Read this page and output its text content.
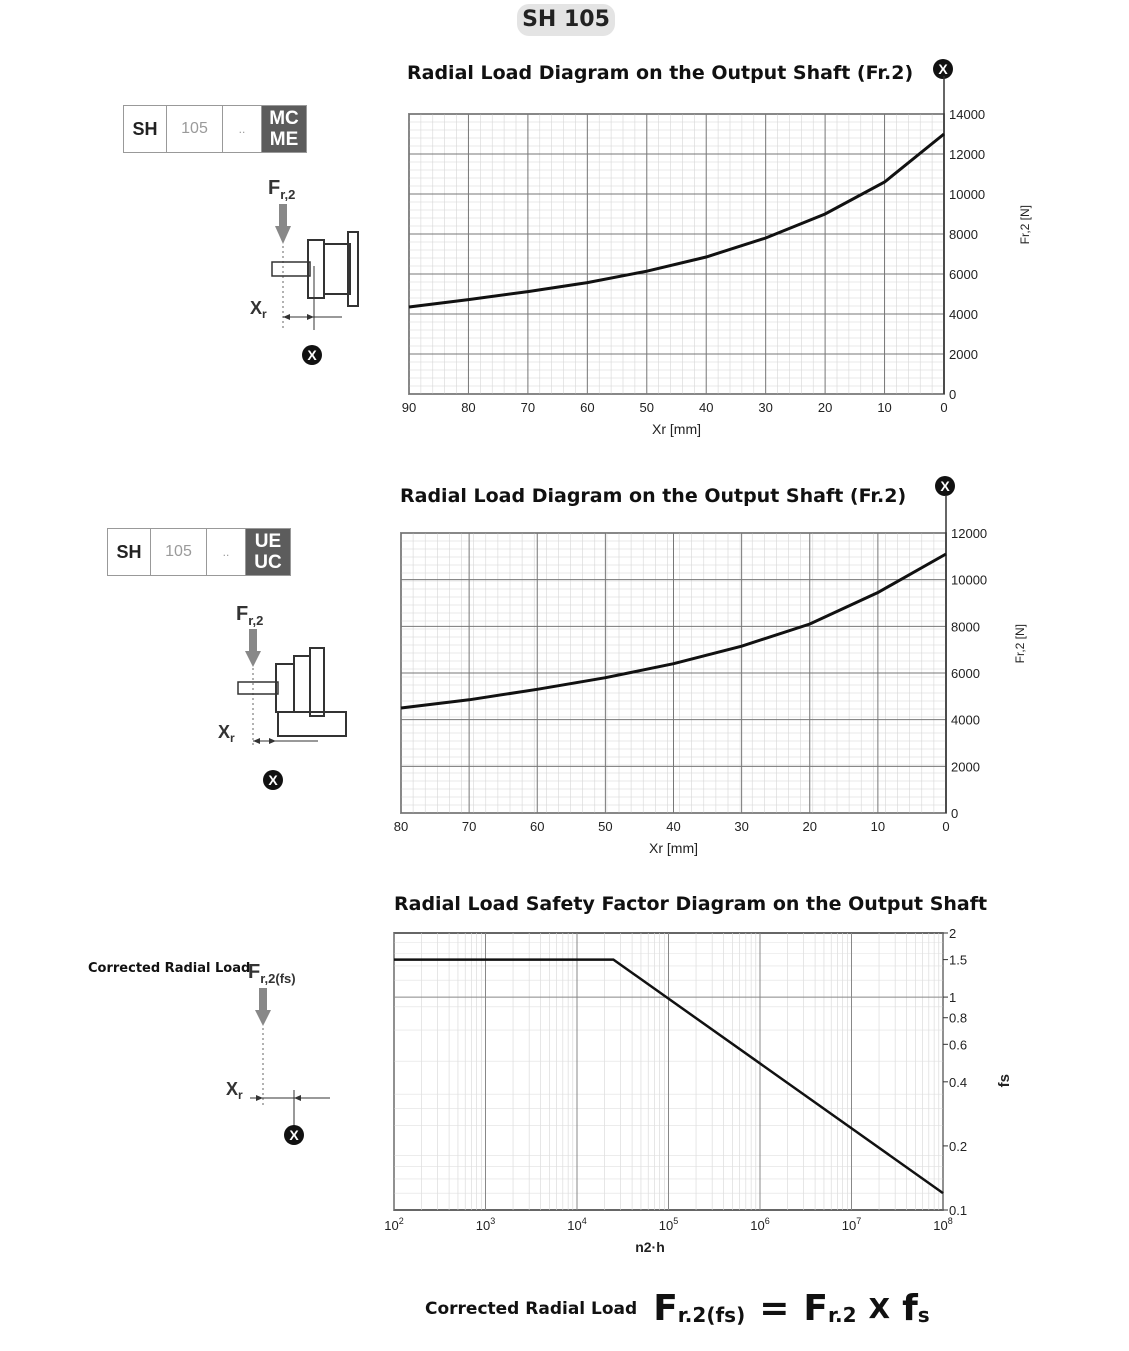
SH 105
Radial Load Diagram on the Output Shaft (Fr.2)
Radial Load Diagram on the Output Shaft (Fr.2)
Radial Load Safety Factor Diagram on the Output Shaft
SH	105	..	MC
ME
SH	105	..	UE
UC
$F_{r,2}$
$X_r$
X
$F_{r,2}$
$X_r$
X
Corrected Radial Load
$F_{r,2(fs)}$
$X_r$
X
X
X
Fr,2 [N]
Fr,2 [N]
fs
90	80	70	60	50	40	30	20	10	0
0
2000
4000
6000
8000
10000
12000
14000
Xr [mm]
80	70	60	50	40	30	20	10	0
0
2000
4000
6000
8000
10000
12000
Xr [mm]
$10^2$	$10^3$	$10^4$	$10^5$	$10^6$	$10^7$	$10^8$
0.1
0.2
0.4
0.6
0.8
1
1.5
2
n2·h
Corrected Radial Load F r.2(fs) = F r.2 X f s
